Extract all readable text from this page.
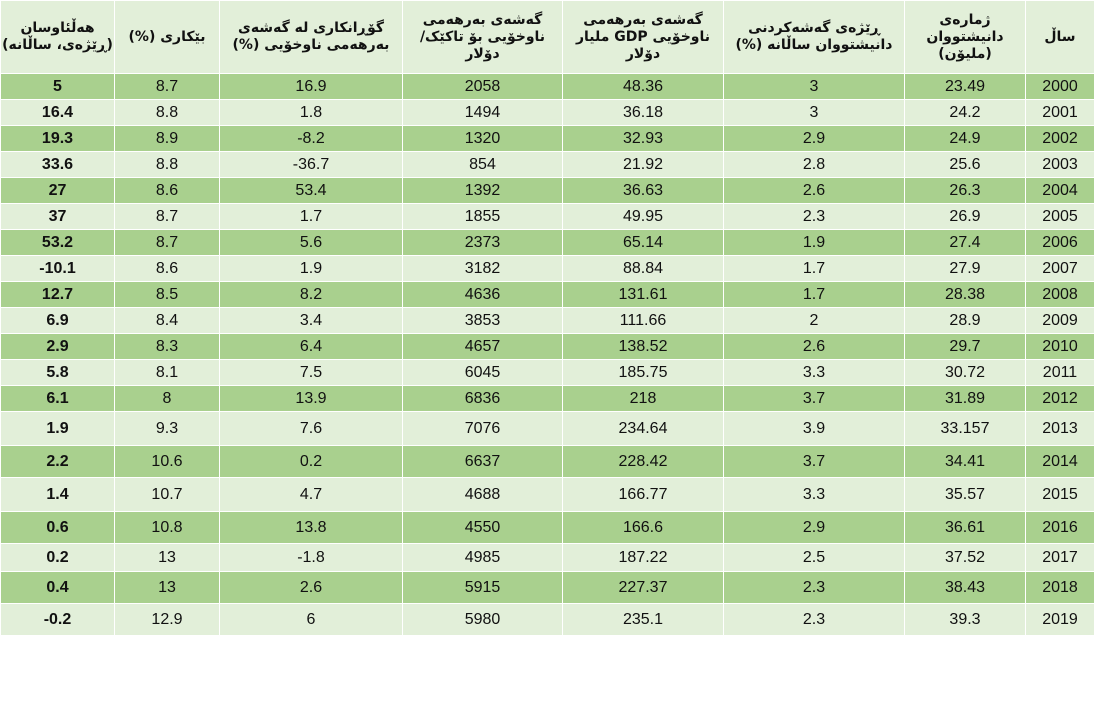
هەڵئاوسان (ڕێژەی، ساڵانە)	بێکاری (%)	گۆڕانکاری لە گەشەی بەرهەمی ناوخۆیی (%)	گەشەی بەرهەمی ناوخۆیی بۆ تاکێک/ دۆلار	گەشەی بەرهەمی ناوخۆیی GDP ملیار دۆلار	ڕێژەی گەشەکردنی دانیشتووان ساڵانە (%)	ژمارەی دانیشتووان (ملیۆن)	ساڵ
5	8.7	16.9	2058	48.36	3	23.49	2000
16.4	8.8	1.8	1494	36.18	3	24.2	2001
19.3	8.9	-8.2	1320	32.93	2.9	24.9	2002
33.6	8.8	-36.7	854	21.92	2.8	25.6	2003
27	8.6	53.4	1392	36.63	2.6	26.3	2004
37	8.7	1.7	1855	49.95	2.3	26.9	2005
53.2	8.7	5.6	2373	65.14	1.9	27.4	2006
-10.1	8.6	1.9	3182	88.84	1.7	27.9	2007
12.7	8.5	8.2	4636	131.61	1.7	28.38	2008
6.9	8.4	3.4	3853	111.66	2	28.9	2009
2.9	8.3	6.4	4657	138.52	2.6	29.7	2010
5.8	8.1	7.5	6045	185.75	3.3	30.72	2011
6.1	8	13.9	6836	218	3.7	31.89	2012
1.9	9.3	7.6	7076	234.64	3.9	33.157	2013
2.2	10.6	0.2	6637	228.42	3.7	34.41	2014
1.4	10.7	4.7	4688	166.77	3.3	35.57	2015
0.6	10.8	13.8	4550	166.6	2.9	36.61	2016
0.2	13	-1.8	4985	187.22	2.5	37.52	2017
0.4	13	2.6	5915	227.37	2.3	38.43	2018
-0.2	12.9	6	5980	235.1	2.3	39.3	2019
